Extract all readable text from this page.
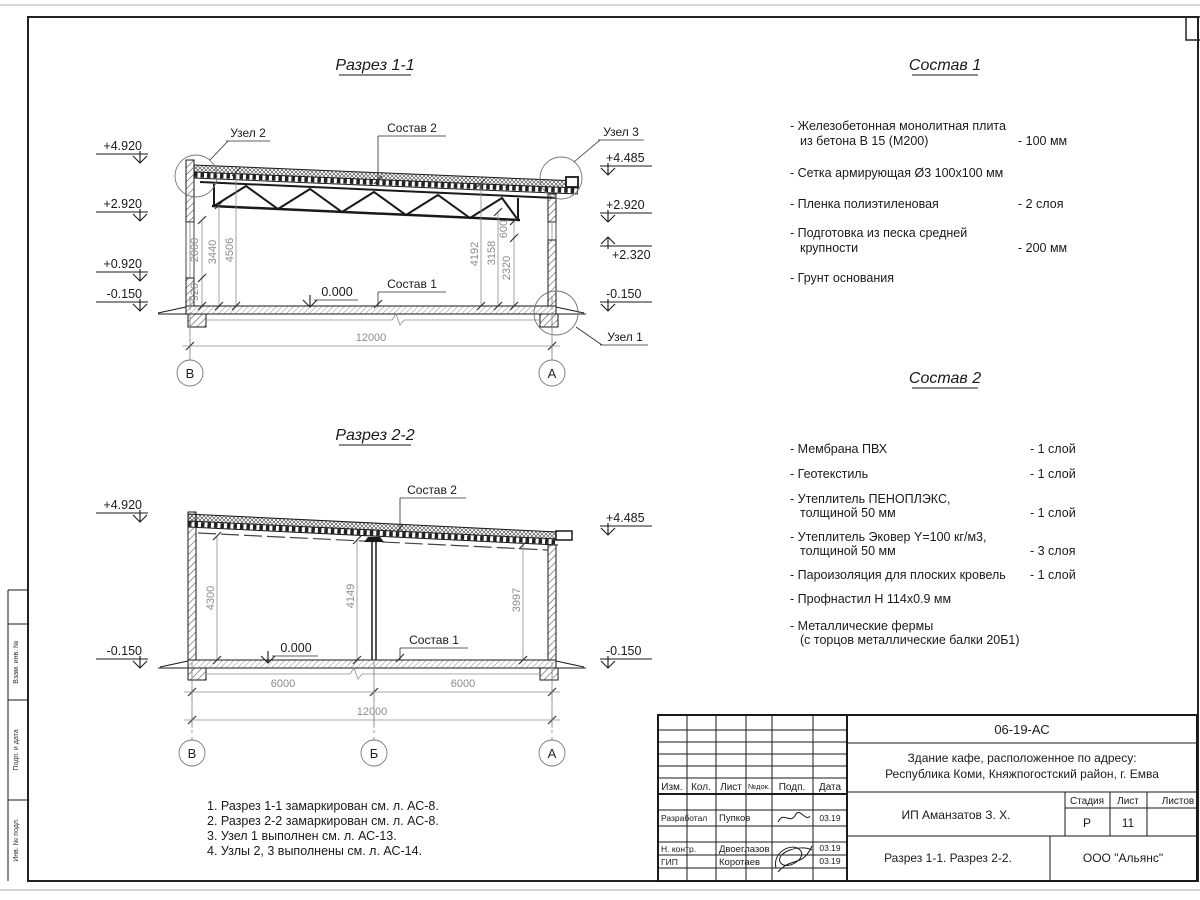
Взам. инв. №
Подп. и дата
Инв. № подл.
Разрез 1-1
Узел 2	Узел 3
Узел 1
Состав 2
Состав 1
0.000
+4.920
+2.920
+0.920
-0.150
+4.485
+2.920
+2.320
-0.150
920
2000 3440 4506	4192 3158
2320
600
12000
В	А
Разрез 2-2
Состав 2
Состав 1
0.000
+4.920
-0.150
+4.485
-0.150
4300	4149	3997
6000	6000
12000
В	Б	А
Состав 1
- Железобетонная монолитная плита
из бетона В 15 (М200)	- 100 мм
- Сетка армирующая Ø3 100x100 мм
- Пленка полиэтиленовая	- 2 слоя
- Подготовка из песка средней
крупности	- 200 мм
- Грунт основания
Состав 2
- Мембрана ПВХ	- 1 слой
- Геотекстиль	- 1 слой
- Утеплитель ПЕНОПЛЭКС,
толщиной 50 мм	- 1 слой
- Утеплитель Эковер Y=100 кг/м3,
толщиной 50 мм	- 3 слоя
- Пароизоляция для плоских кровель - 1 слой
- Профнастил Н 114x0.9 мм
- Металлические фермы
(с торцов металлические балки 20Б1)
1. Разрез 1-1 замаркирован см. л. АС-8.
2. Разрез 2-2 замаркирован см. л. АС-8.
3. Узел 1 выполнен см. л. АС-13.
4. Узлы 2, 3 выполнены см. л. АС-14.
Изм. Кол. Лист №док. Подп. Дата
Разработал Пупков	03.19
Н. контр. Двоеглазов	03.19
ГИП	Коротаев	03.19
06-19-АС
Здание кафе, расположенное по адресу:
Республика Коми, Княжпогостский район, г. Емва
ИП Аманзатов З. Х.
Стадия Лист Листов
Р	11
Разрез 1-1. Разрез 2-2.	ООО "Альянс"
